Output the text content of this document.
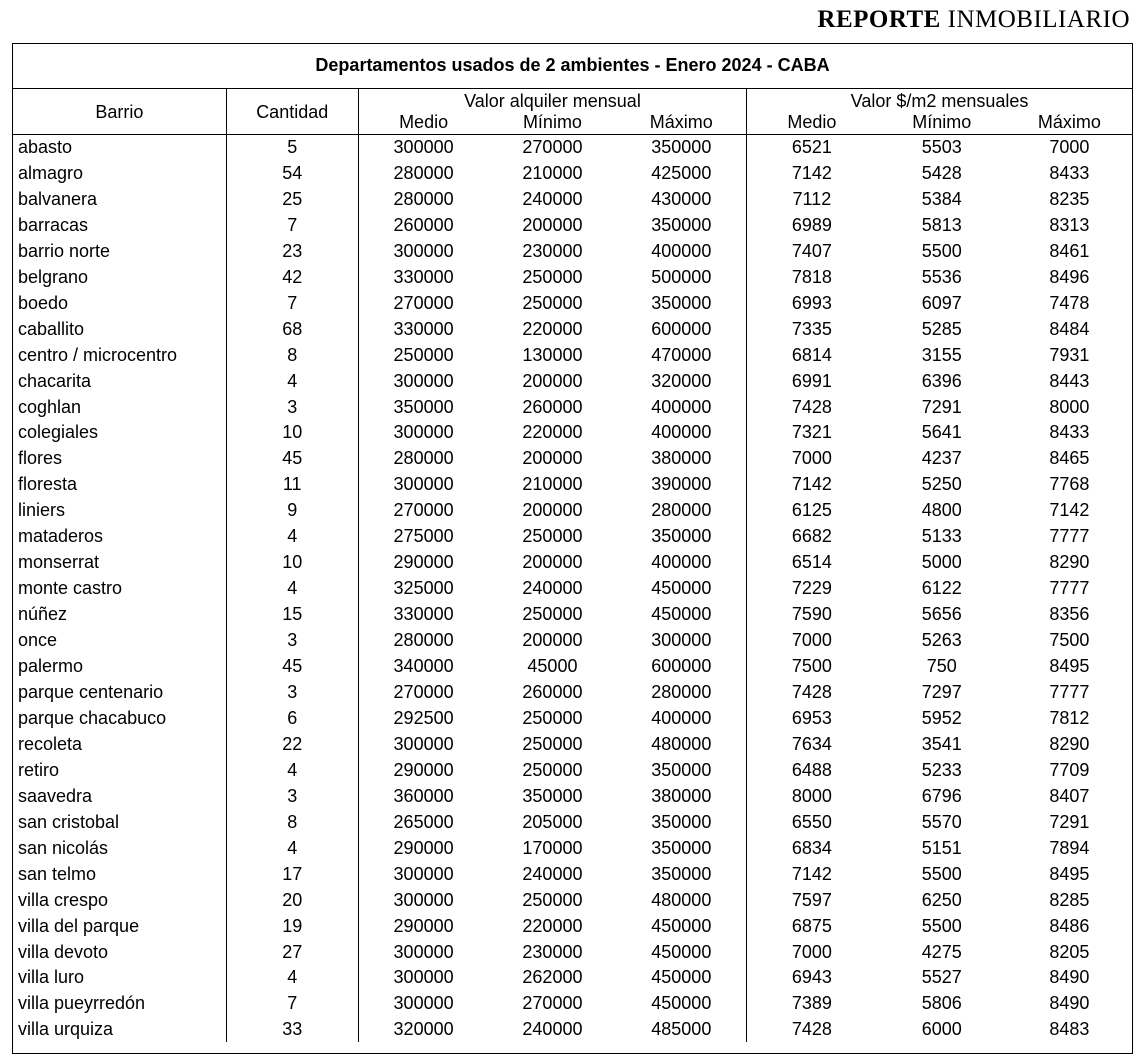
REPORTE INMOBILIARIO
Departamentos usados de 2 ambientes - Enero 2024 - CABA							
Barrio	Cantidad	Valor alquiler mensual			Valor $/m2 mensuales		
		Medio	Mínimo	Máximo	Medio	Mínimo	Máximo
abasto	5	300000	270000	350000	6521	5503	7000
almagro	54	280000	210000	425000	7142	5428	8433
balvanera	25	280000	240000	430000	7112	5384	8235
barracas	7	260000	200000	350000	6989	5813	8313
barrio norte	23	300000	230000	400000	7407	5500	8461
belgrano	42	330000	250000	500000	7818	5536	8496
boedo	7	270000	250000	350000	6993	6097	7478
caballito	68	330000	220000	600000	7335	5285	8484
centro / microcentro	8	250000	130000	470000	6814	3155	7931
chacarita	4	300000	200000	320000	6991	6396	8443
coghlan	3	350000	260000	400000	7428	7291	8000
colegiales	10	300000	220000	400000	7321	5641	8433
flores	45	280000	200000	380000	7000	4237	8465
floresta	11	300000	210000	390000	7142	5250	7768
liniers	9	270000	200000	280000	6125	4800	7142
mataderos	4	275000	250000	350000	6682	5133	7777
monserrat	10	290000	200000	400000	6514	5000	8290
monte castro	4	325000	240000	450000	7229	6122	7777
núñez	15	330000	250000	450000	7590	5656	8356
once	3	280000	200000	300000	7000	5263	7500
palermo	45	340000	45000	600000	7500	750	8495
parque centenario	3	270000	260000	280000	7428	7297	7777
parque chacabuco	6	292500	250000	400000	6953	5952	7812
recoleta	22	300000	250000	480000	7634	3541	8290
retiro	4	290000	250000	350000	6488	5233	7709
saavedra	3	360000	350000	380000	8000	6796	8407
san cristobal	8	265000	205000	350000	6550	5570	7291
san nicolás	4	290000	170000	350000	6834	5151	7894
san telmo	17	300000	240000	350000	7142	5500	8495
villa crespo	20	300000	250000	480000	7597	6250	8285
villa del parque	19	290000	220000	450000	6875	5500	8486
villa devoto	27	300000	230000	450000	7000	4275	8205
villa luro	4	300000	262000	450000	6943	5527	8490
villa pueyrredón	7	300000	270000	450000	7389	5806	8490
villa urquiza	33	320000	240000	485000	7428	6000	8483
